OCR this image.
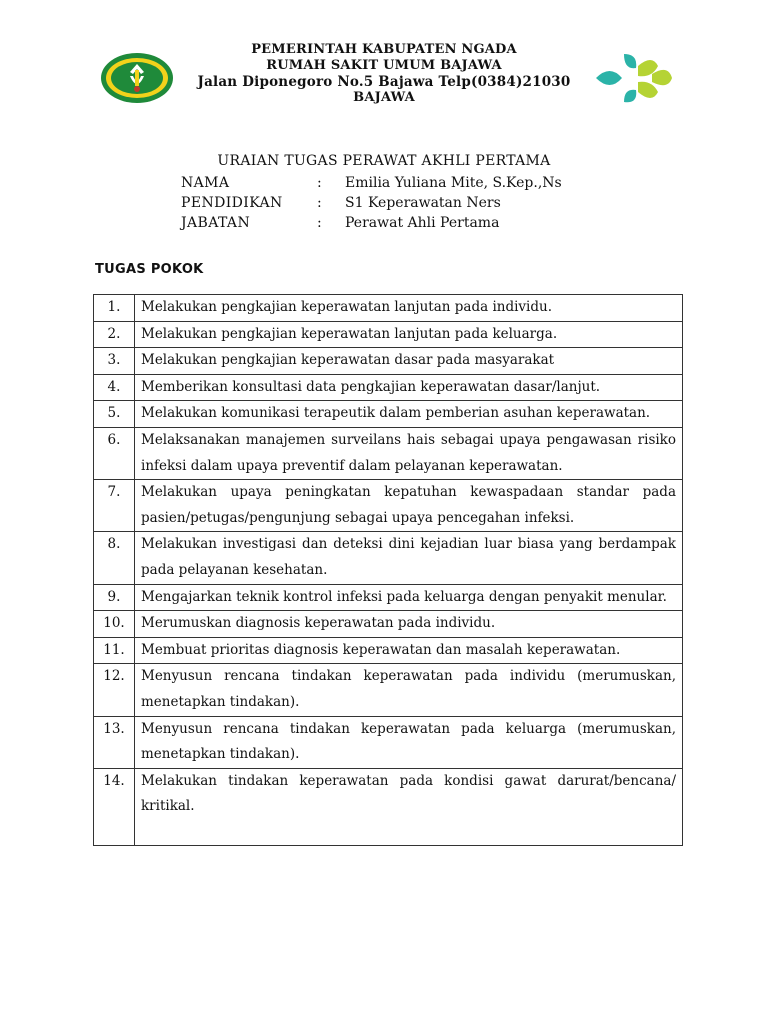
PEMERINTAH KABUPATEN NGADA
RUMAH SAKIT UMUM BAJAWA
Jalan Diponegoro No.5 Bajawa Telp(0384)21030
BAJAWA
URAIAN TUGAS PERAWAT AKHLI PERTAMA
NAMA	:	Emilia Yuliana Mite, S.Kep.,Ns
PENDIDIKAN	:	S1 Keperawatan Ners
JABATAN	:	Perawat Ahli Pertama
TUGAS POKOK
1.	Melakukan pengkajian keperawatan lanjutan pada individu.
2.	Melakukan pengkajian keperawatan lanjutan pada keluarga.
3.	Melakukan pengkajian keperawatan dasar pada masyarakat
4.	Memberikan konsultasi data pengkajian keperawatan dasar/lanjut.
5.	Melakukan komunikasi terapeutik dalam pemberian asuhan keperawatan.
6.	Melaksanakan manajemen surveilans hais sebagai upaya pengawasan risiko infeksi dalam upaya preventif dalam pelayanan keperawatan.
7.	Melakukan upaya peningkatan kepatuhan kewaspadaan standar pada pasien/petugas/pengunjung sebagai upaya pencegahan infeksi.
8.	Melakukan investigasi dan deteksi dini kejadian luar biasa yang berdampak pada pelayanan kesehatan.
9.	Mengajarkan teknik kontrol infeksi pada keluarga dengan penyakit menular.
10.	Merumuskan diagnosis keperawatan pada individu.
11.	Membuat prioritas diagnosis keperawatan dan masalah keperawatan.
12.	Menyusun rencana tindakan keperawatan pada individu (merumuskan, menetapkan tindakan).
13.	Menyusun rencana tindakan keperawatan pada keluarga (merumuskan, menetapkan tindakan).
14.	Melakukan tindakan keperawatan pada kondisi gawat darurat/bencana/ kritikal.
